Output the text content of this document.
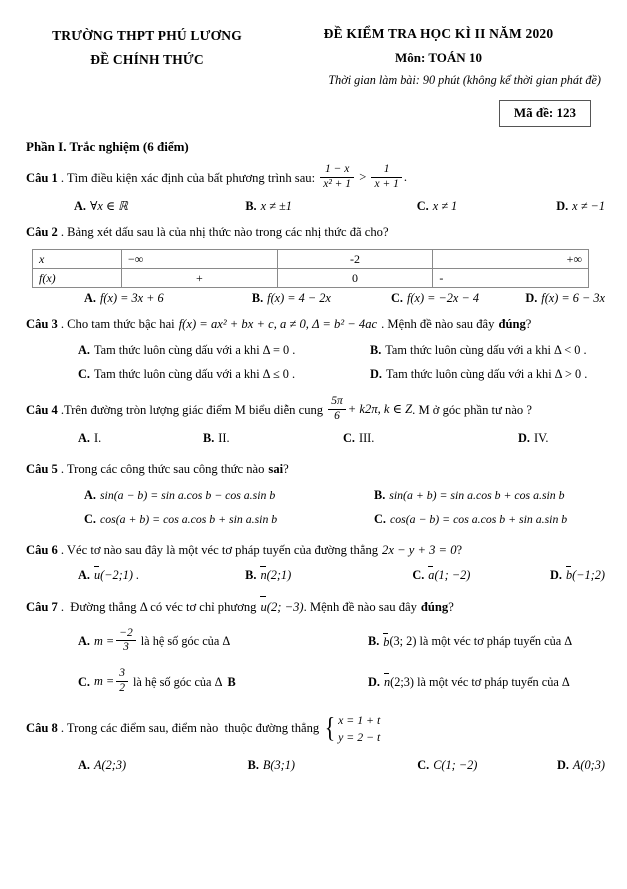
TRƯỜNG THPT PHÚ LƯƠNG
ĐỀ CHÍNH THỨC
ĐỀ KIỂM TRA HỌC KÌ II NĂM 2020
Môn: TOÁN 10
Thời gian làm bài: 90 phút (không kể thời gian phát đề)
Mã đề: 123
Phần I. Trắc nghiệm (6 điểm)
Câu 1 . Tìm điều kiện xác định của bất phương trình sau:
$\frac{1 - x}{\text{x² + 1}} > \frac{1}{x + 1}$ .
A. ∀x ∈ ℝ	B. x ≠ ±1	C. x ≠ 1	D. x ≠ −1
Câu 2 . Bảng xét dấu sau là của nhị thức nào trong các nhị thức đã cho?
x	−∞	-2	+∞
f(x)	+	0	-
A. f(x) = 3x + 6	B. f(x) = 4 − 2x	C. f(x) = −2x − 4	D. f(x) = 6 − 3x
Câu 3 . Cho tam thức bậc hai f(x) = ax² + bx + c, a ≠ 0, Δ = b² − 4ac . Mệnh đề nào sau đây đúng ?
A. Tam thức luôn cùng dấu với a khi Δ = 0 .	B. Tam thức luôn cùng dấu với a khi Δ < 0 .
C. Tam thức luôn cùng dấu với a khi Δ ≤ 0 .	D. Tam thức luôn cùng dấu với a khi Δ > 0 .
Câu 4 .Trên đường tròn lượng giác điểm M biểu diễn cung
$\frac{5\pi}{6} + k2\pi$, k ∈ Z . M ở góc phần tư nào ?
A. I.	B. II.	C. III.	D. IV.
Câu 5 . Trong các công thức sau công thức nào sai ?
A. sin(a − b) = sin a.cos b − cos a.sin b	B. sin(a + b) = sin a.cos b + cos a.sin b
C. cos(a + b) = cos a.cos b + sin a.sin b	C. cos(a − b) = cos a.cos b + sin a.sin b
Câu 6 . Véc tơ nào sau đây là một véc tơ pháp tuyến của đường thẳng 2x − y + 3 = 0 ?
A. u(−2;1) .	B. n(2;1)	C. a(1; −2)	D. b(−1;2)
Câu 7 .  Đường thẳng Δ có véc tơ chỉ phương u(2; −3) . Mệnh đề nào sau đây đúng ?
A. $m = \frac{-2}{3}$ là hệ số góc của Δ	B. b (3; 2) là một véc tơ pháp tuyến của Δ
C. $m = \frac{3}{2}$ là hệ số góc của Δ B	D. n (2;3) là một véc tơ pháp tuyến của Δ
Câu 8 . Trong các điểm sau, điểm nào  thuộc đường thẳng { x = 1 + t
y = 2 − t
A. A(2;3)	B. B(3;1)	C. C(1; −2)	D. A(0;3)
